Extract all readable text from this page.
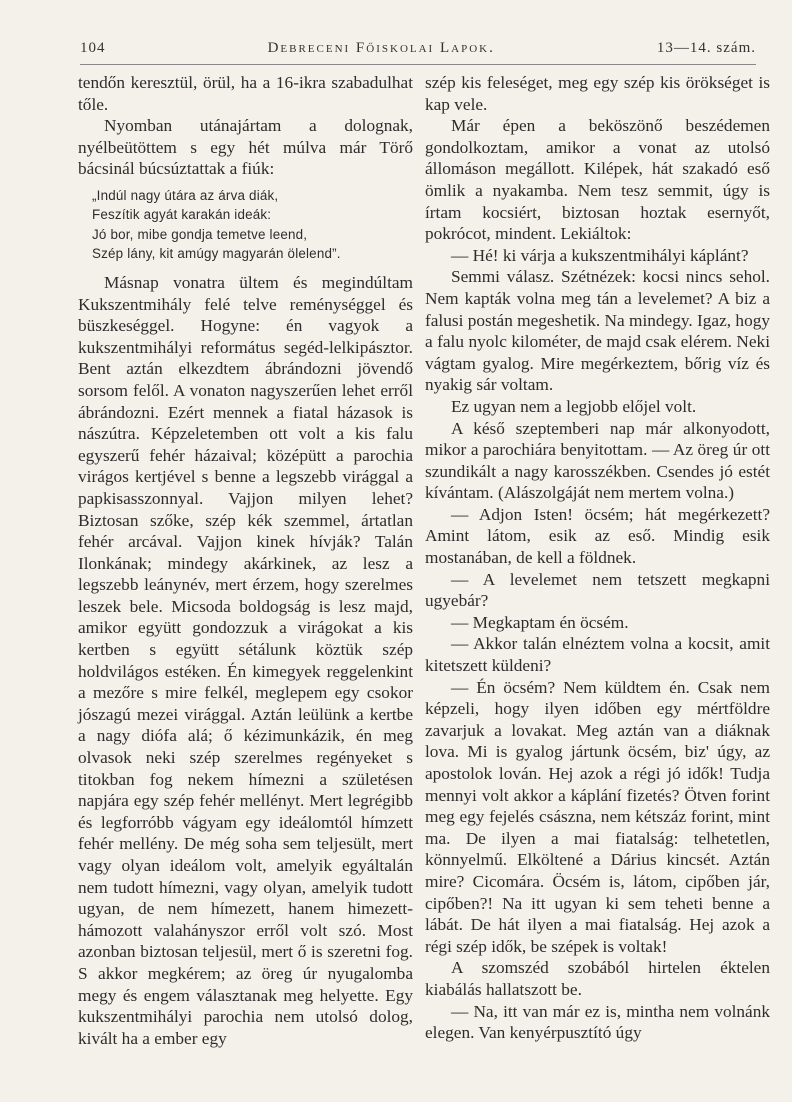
104	Debreceni Főiskolai Lapok.	13—14. szám.

tendőn keresztül, örül, ha a 16-ikra szabadulhat tőle.

Nyomban utánajártam a dolognak, nyélbeütöttem s egy hét múlva már Törő bácsinál búcsúztattak a fiúk:

„Indúl nagy útára az árva diák,
Feszítik agyát karakán ideák:
Jó bor, mibe gondja temetve leend,
Szép lány, kit amúgy magyarán ölelend”.

Másnap vonatra ültem és megindúltam Kukszentmihály felé telve reménységgel és büszkeséggel. Hogyne: én vagyok a kukszentmihályi református segéd-lelkipásztor. Bent aztán elkezdtem ábrándozni jövendő sorsom felől. A vonaton nagyszerűen lehet erről ábrándozni. Ezért mennek a fiatal házasok is nászútra. Képzeletemben ott volt a kis falu egyszerű fehér házaival; középütt a parochia virágos kertjével s benne a legszebb virággal a papkisasszonnyal. Vajjon milyen lehet? Biztosan szőke, szép kék szemmel, ártatlan fehér arcával. Vajjon kinek hívják? Talán Ilonkának; mindegy akárkinek, az lesz a legszebb leánynév, mert érzem, hogy szerelmes leszek bele. Micsoda boldogság is lesz majd, amikor együtt gondozzuk a virágokat a kis kertben s együtt sétálunk köztük szép holdvilágos estéken. Én kimegyek reggelenkint a mezőre s mire felkél, meglepem egy csokor jószagú mezei virággal. Aztán leülünk a kertbe a nagy diófa alá; ő kézimunkázik, én meg olvasok neki szép szerelmes regényeket s titokban fog nekem hímezni a születésen napjára egy szép fehér mellényt. Mert legrégibb és legforróbb vágyam egy ideálomtól hímzett fehér mellény. De még soha sem teljesült, mert vagy olyan ideálom volt, amelyik egyáltalán nem tudott hímezni, vagy olyan, amelyik tudott ugyan, de nem hímezett, hanem himezett-hámozott valahányszor erről volt szó. Most azonban biztosan teljesül, mert ő is szeretni fog. S akkor megkérem; az öreg úr nyugalomba megy és engem választanak meg helyette. Egy kukszentmihályi parochia nem utolsó dolog, kivált ha a ember egy

szép kis feleséget, meg egy szép kis örökséget is kap vele.

Már épen a beköszönő beszédemen gondolkoztam, amikor a vonat az utolsó állomáson megállott. Kilépek, hát szakadó eső ömlik a nyakamba. Nem tesz semmit, úgy is írtam kocsiért, biztosan hoztak esernyőt, pokrócot, mindent. Lekiáltok:

— Hé! ki várja a kukszentmihályi káplánt?

Semmi válasz. Szétnézek: kocsi nincs sehol. Nem kapták volna meg tán a levelemet? A biz a falusi postán megeshetik. Na mindegy. Igaz, hogy a falu nyolc kilométer, de majd csak elérem. Neki vágtam gyalog. Mire megérkeztem, bőrig víz és nyakig sár voltam.

Ez ugyan nem a legjobb előjel volt.

A késő szeptemberi nap már alkonyodott, mikor a parochiára benyitottam. — Az öreg úr ott szundikált a nagy karosszékben. Csendes jó estét kívántam. (Alászolgáját nem mertem volna.)

— Adjon Isten! öcsém; hát megérkezett? Amint látom, esik az eső. Mindig esik mostanában, de kell a földnek.

— A levelemet nem tetszett megkapni ugyebár?

— Megkaptam én öcsém.

— Akkor talán elnéztem volna a kocsit, amit kitetszett küldeni?

— Én öcsém? Nem küldtem én. Csak nem képzeli, hogy ilyen időben egy mértföldre zavarjuk a lovakat. Meg aztán van a diáknak lova. Mi is gyalog jártunk öcsém, biz' úgy, az apostolok lován. Hej azok a régi jó idők! Tudja mennyi volt akkor a káplání fizetés? Ötven forint meg egy fejelés császna, nem kétszáz forint, mint ma. De ilyen a mai fiatalság: telhetetlen, könnyelmű. Elköltené a Dárius kincsét. Aztán mire? Cicomára. Öcsém is, látom, cipőben jár, cipőben?! Na itt ugyan ki sem teheti benne a lábát. De hát ilyen a mai fiatalság. Hej azok a régi szép idők, be szépek is voltak!

A szomszéd szobából hirtelen éktelen kiabálás hallatszott be.

— Na, itt van már ez is, mintha nem volnánk elegen. Van kenyérpusztító úgy
